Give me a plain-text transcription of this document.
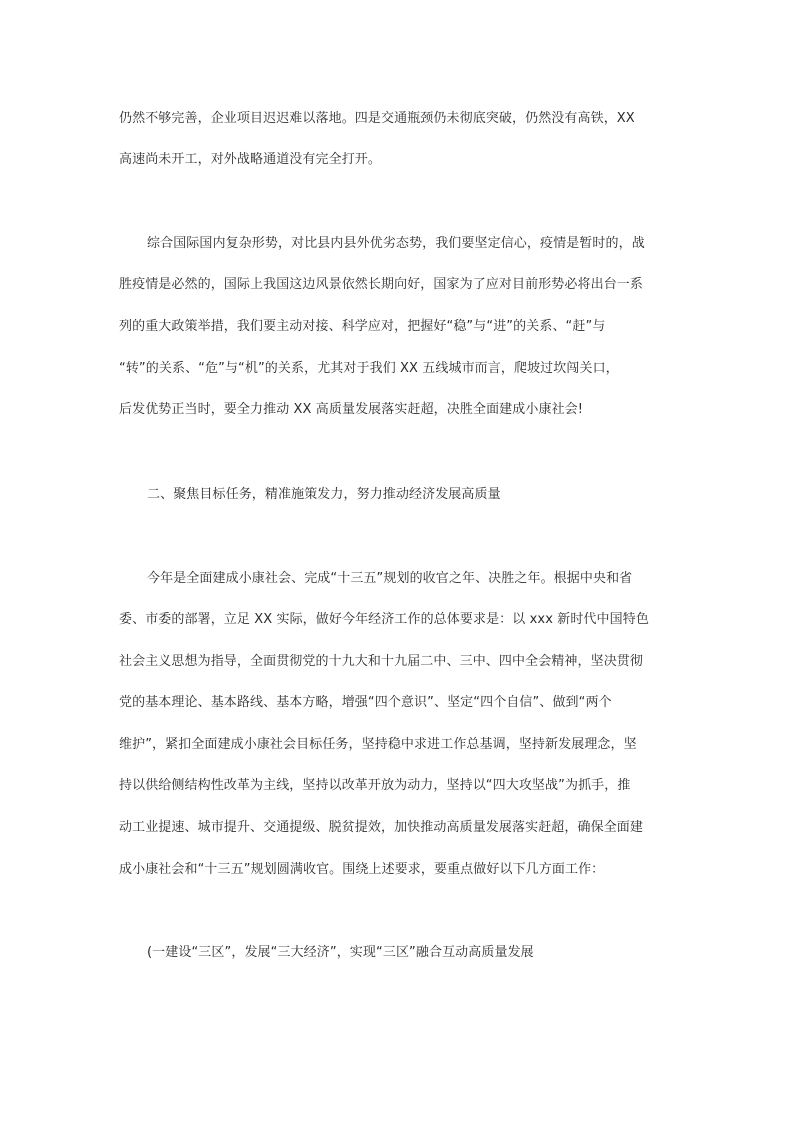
仍然不够完善，企业项目迟迟难以落地。四是交通瓶颈仍未彻底突破，仍然没有高铁，XX
高速尚未开工，对外战略通道没有完全打开。
综合国际国内复杂形势，对比县内县外优劣态势，我们要坚定信心，疫情是暂时的，战
胜疫情是必然的，国际上我国这边风景依然长期向好，国家为了应对目前形势必将出台一系
列的重大政策举措，我们要主动对接、科学应对，把握好“稳”与“进”的关系、“赶”与
“转”的关系、“危”与“机”的关系，尤其对于我们 XX 五线城市而言，爬坡过坎闯关口，
后发优势正当时，要全力推动 XX 高质量发展落实赶超，决胜全面建成小康社会!
二、聚焦目标任务，精准施策发力，努力推动经济发展高质量
今年是全面建成小康社会、完成“十三五”规划的收官之年、决胜之年。根据中央和省
委、市委的部署，立足 XX 实际，做好今年经济工作的总体要求是：以 xxx 新时代中国特色
社会主义思想为指导，全面贯彻党的十九大和十九届二中、三中、四中全会精神，坚决贯彻
党的基本理论、基本路线、基本方略，增强“四个意识”、坚定“四个自信”、做到“两个
维护”，紧扣全面建成小康社会目标任务，坚持稳中求进工作总基调，坚持新发展理念，坚
持以供给侧结构性改革为主线，坚持以改革开放为动力，坚持以“四大攻坚战”为抓手，推
动工业提速、城市提升、交通提级、脱贫提效，加快推动高质量发展落实赶超，确保全面建
成小康社会和“十三五”规划圆满收官。围绕上述要求，要重点做好以下几方面工作：
(一建设“三区”，发展“三大经济”，实现“三区”融合互动高质量发展
